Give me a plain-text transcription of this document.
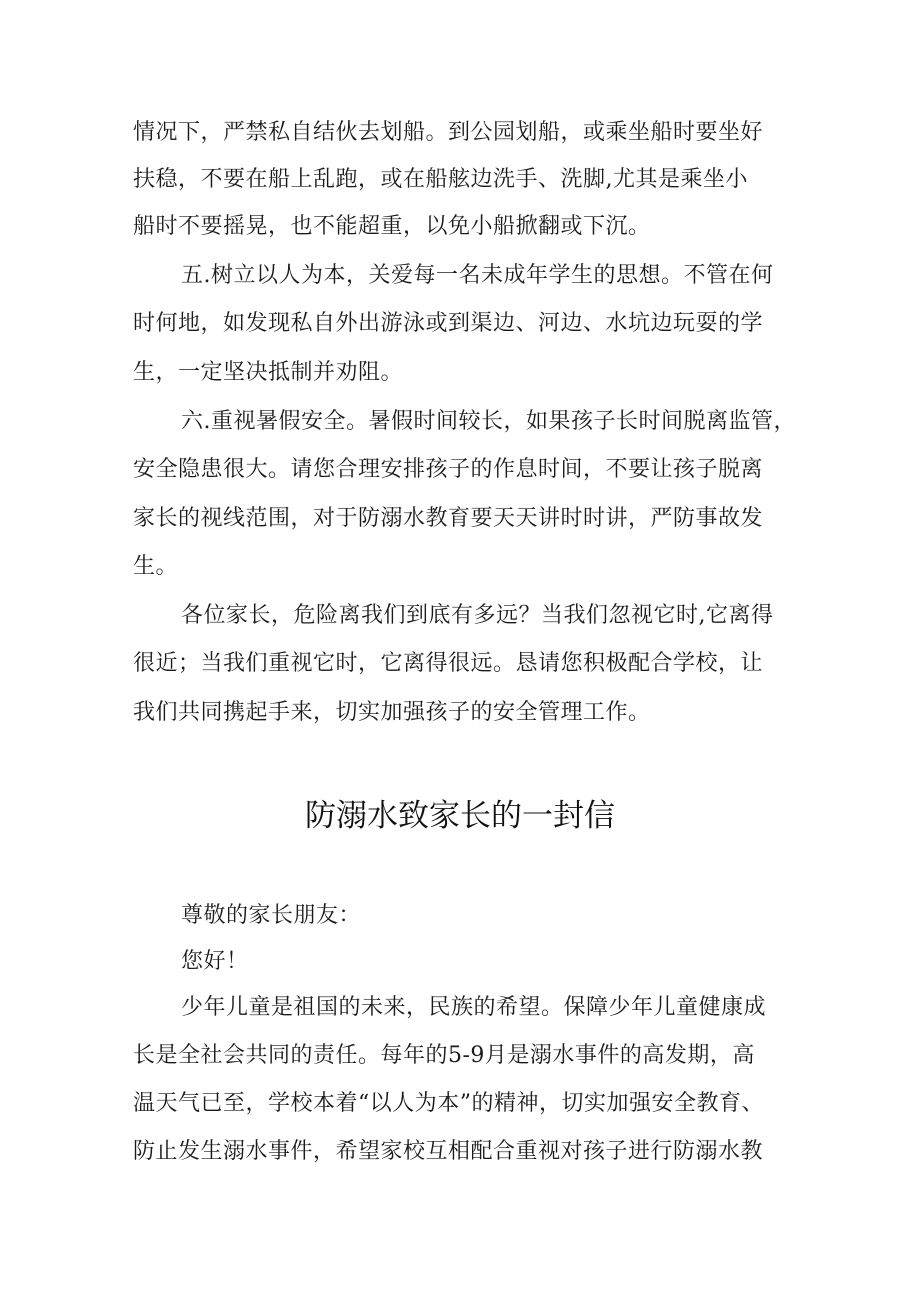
情况下，严禁私自结伙去划船。到公园划船，或乘坐船时要坐好
扶稳，不要在船上乱跑，或在船舷边洗手、洗脚,尤其是乘坐小
船时不要摇晃，也不能超重，以免小船掀翻或下沉。
五.树立以人为本，关爱每一名未成年学生的思想。不管在何
时何地，如发现私自外出游泳或到渠边、河边、水坑边玩耍的学
生，一定坚决抵制并劝阻。
六.重视暑假安全。暑假时间较长，如果孩子长时间脱离监管，
安全隐患很大。请您合理安排孩子的作息时间，不要让孩子脱离
家长的视线范围，对于防溺水教育要天天讲时时讲，严防事故发
生。
各位家长，危险离我们到底有多远？当我们忽视它时,它离得
很近；当我们重视它时，它离得很远。恳请您积极配合学校，让
我们共同携起手来，切实加强孩子的安全管理工作。
防溺水致家长的一封信
尊敬的家长朋友：
您好！
少年儿童是祖国的未来，民族的希望。保障少年儿童健康成
长是全社会共同的责任。每年的5-9月是溺水事件的高发期，高
温天气已至，学校本着“以人为本”的精神，切实加强安全教育、
防止发生溺水事件，希望家校互相配合重视对孩子进行防溺水教
